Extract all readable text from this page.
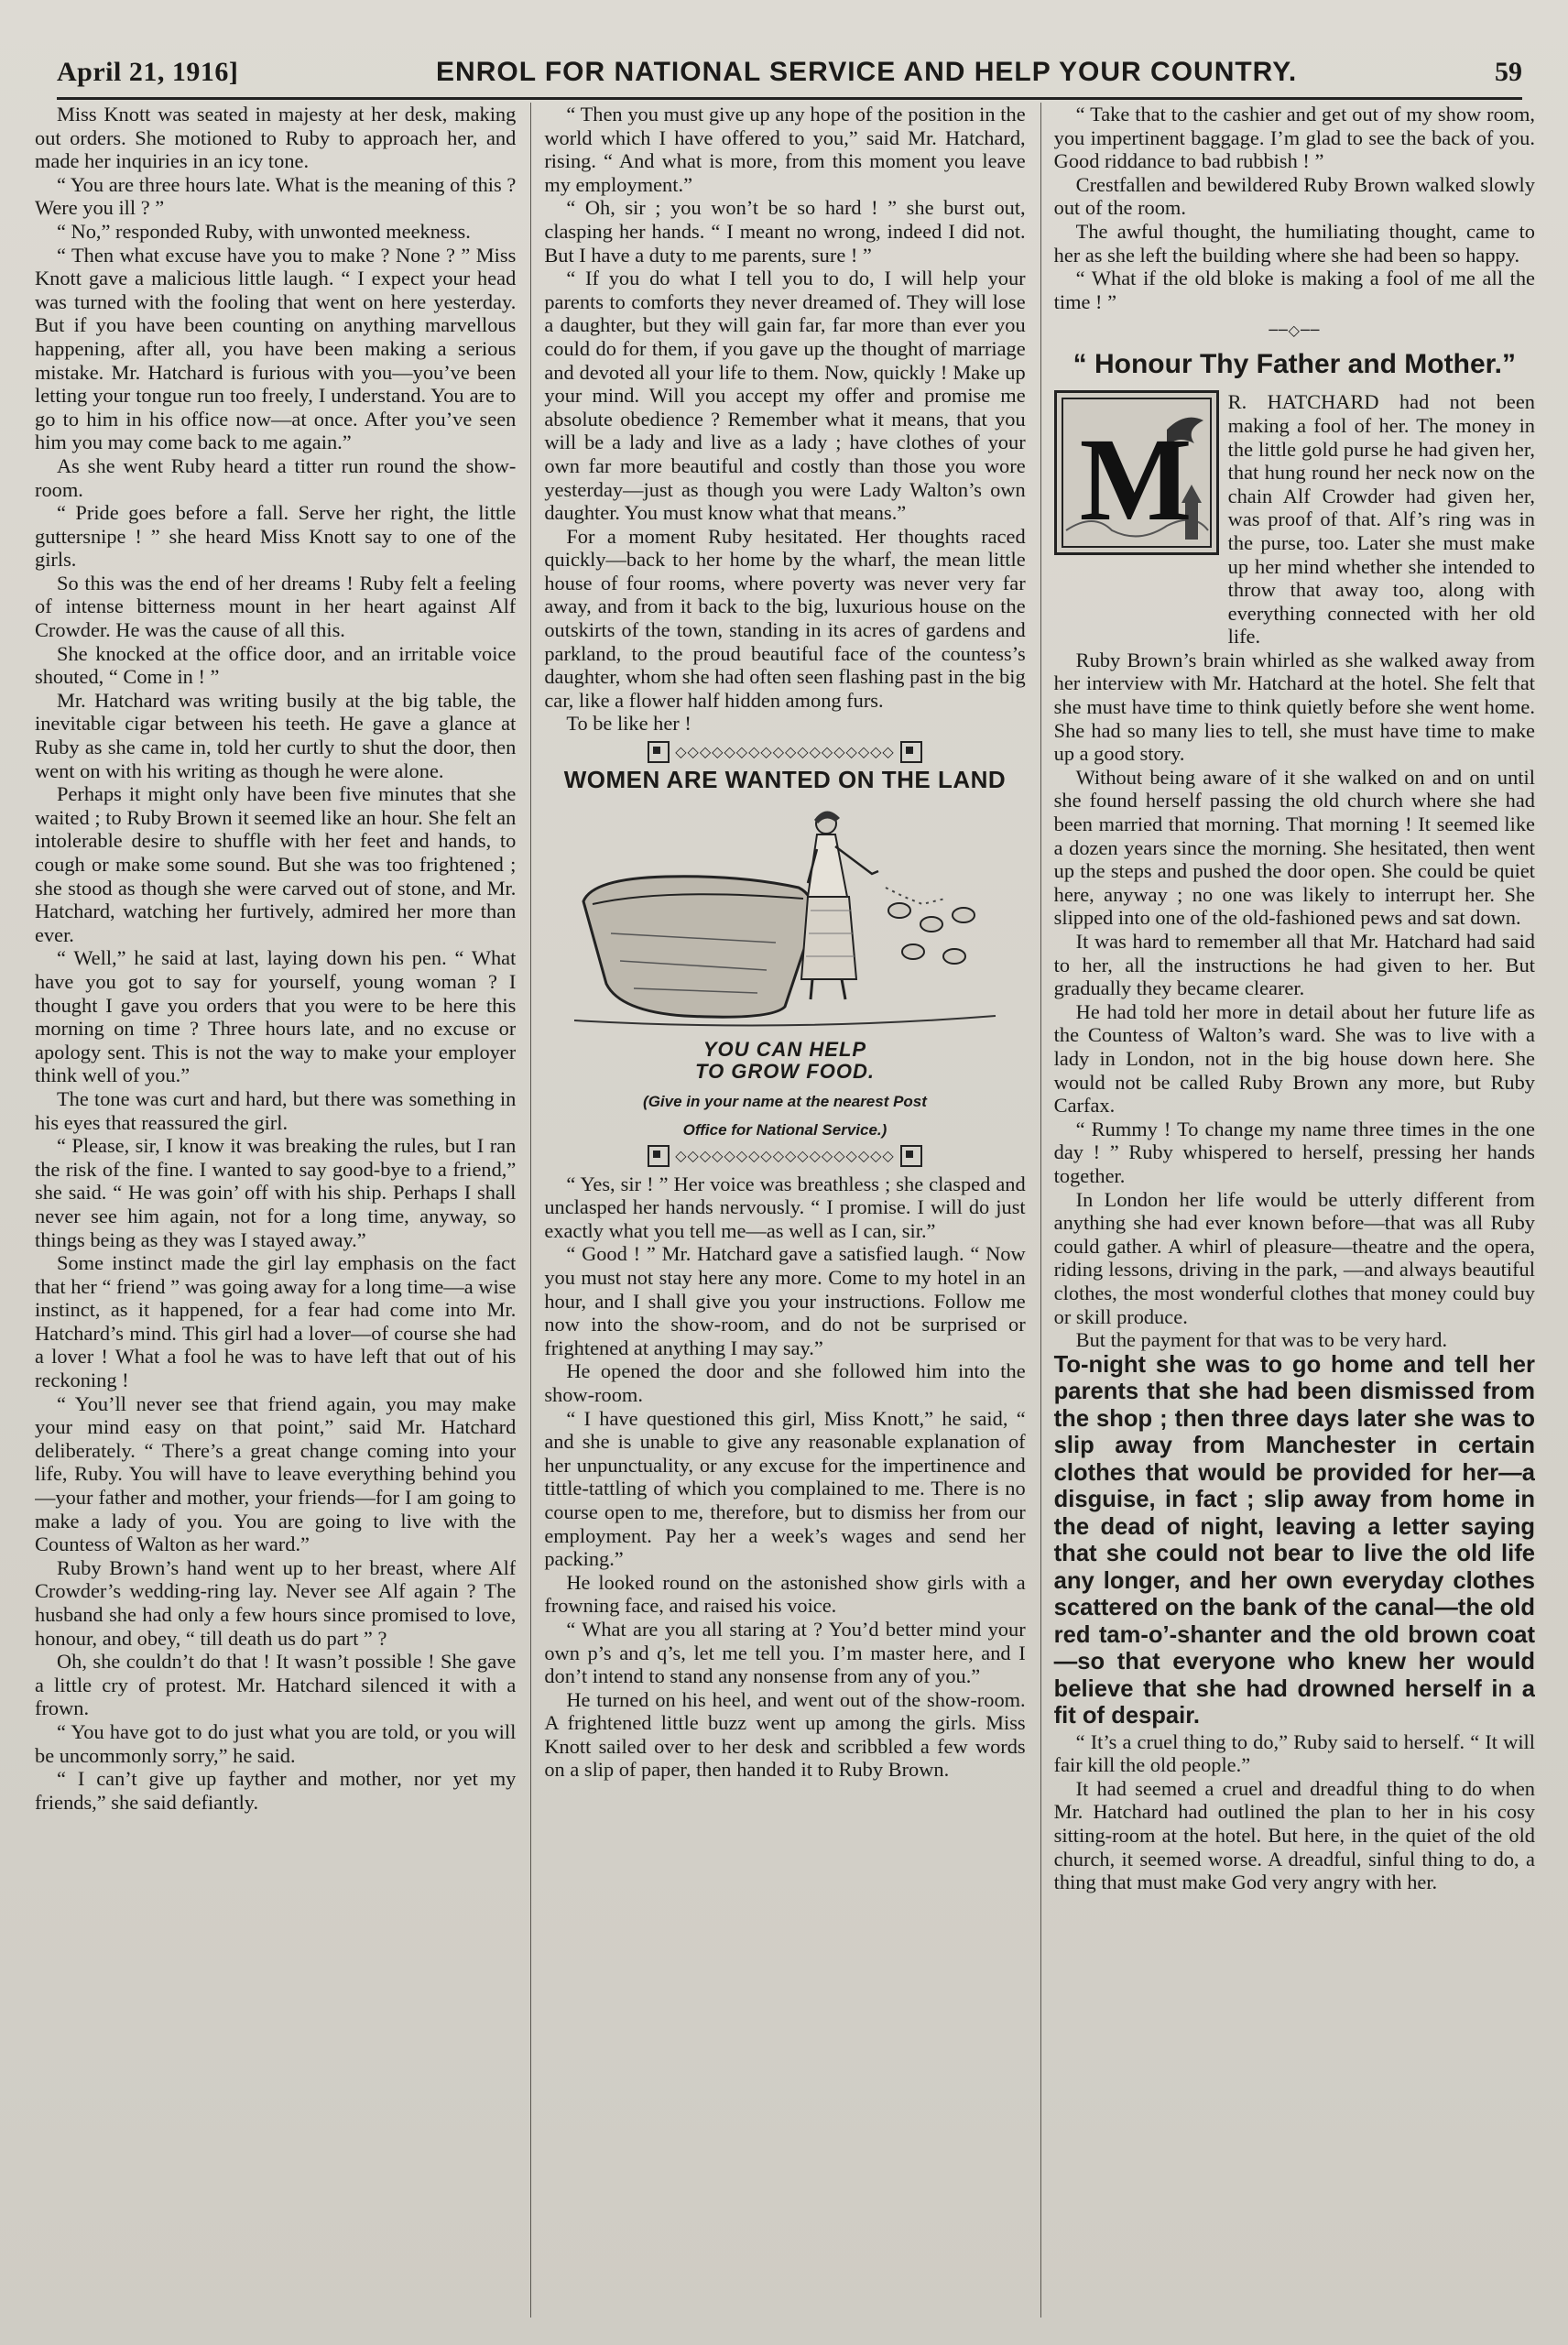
April 21, 1916]	ENROL FOR NATIONAL SERVICE AND HELP YOUR COUNTRY.	59

Miss Knott was seated in majesty at her desk, making out orders. She motioned to Ruby to approach her, and made her inquiries in an icy tone.

“ You are three hours late. What is the meaning of this ? Were you ill ? ”

“ No,” responded Ruby, with unwonted meekness.

“ Then what excuse have you to make ? None ? ” Miss Knott gave a malicious little laugh. “ I expect your head was turned with the fooling that went on here yesterday. But if you have been counting on anything marvellous happening, after all, you have been making a serious mistake. Mr. Hatchard is furious with you—you’ve been letting your tongue run too freely, I understand. You are to go to him in his office now—at once. After you’ve seen him you may come back to me again.”

As she went Ruby heard a titter run round the show-room.

“ Pride goes before a fall. Serve her right, the little guttersnipe ! ” she heard Miss Knott say to one of the girls.

So this was the end of her dreams ! Ruby felt a feeling of intense bitterness mount in her heart against Alf Crowder. He was the cause of all this.

She knocked at the office door, and an irritable voice shouted, “ Come in ! ”

Mr. Hatchard was writing busily at the big table, the inevitable cigar between his teeth. He gave a glance at Ruby as she came in, told her curtly to shut the door, then went on with his writing as though he were alone.

Perhaps it might only have been five minutes that she waited ; to Ruby Brown it seemed like an hour. She felt an intolerable desire to shuffle with her feet and hands, to cough or make some sound. But she was too frightened ; she stood as though she were carved out of stone, and Mr. Hatchard, watching her furtively, admired her more than ever.

“ Well,” he said at last, laying down his pen. “ What have you got to say for yourself, young woman ? I thought I gave you orders that you were to be here this morning on time ? Three hours late, and no excuse or apology sent. This is not the way to make your employer think well of you.”

The tone was curt and hard, but there was something in his eyes that reassured the girl.

“ Please, sir, I know it was breaking the rules, but I ran the risk of the fine. I wanted to say good-bye to a friend,” she said. “ He was goin’ off with his ship. Perhaps I shall never see him again, not for a long time, anyway, so things being as they was I stayed away.”

Some instinct made the girl lay emphasis on the fact that her “ friend ” was going away for a long time—a wise instinct, as it happened, for a fear had come into Mr. Hatchard’s mind. This girl had a lover—of course she had a lover ! What a fool he was to have left that out of his reckoning !

“ You’ll never see that friend again, you may make your mind easy on that point,” said Mr. Hatchard deliberately. “ There’s a great change coming into your life, Ruby. You will have to leave everything behind you—your father and mother, your friends—for I am going to make a lady of you. You are going to live with the Countess of Walton as her ward.”

Ruby Brown’s hand went up to her breast, where Alf Crowder’s wedding-ring lay. Never see Alf again ? The husband she had only a few hours since promised to love, honour, and obey, “ till death us do part ” ?

Oh, she couldn’t do that ! It wasn’t possible ! She gave a little cry of protest. Mr. Hatchard silenced it with a frown.

“ You have got to do just what you are told, or you will be uncommonly sorry,” he said.

“ I can’t give up fayther and mother, nor yet my friends,” she said defiantly.

“ Then you must give up any hope of the position in the world which I have offered to you,” said Mr. Hatchard, rising. “ And what is more, from this moment you leave my employment.”

“ Oh, sir ; you won’t be so hard ! ” she burst out, clasping her hands. “ I meant no wrong, indeed I did not. But I have a duty to me parents, sure ! ”

“ If you do what I tell you to do, I will help your parents to comforts they never dreamed of. They will lose a daughter, but they will gain far, far more than ever you could do for them, if you gave up the thought of marriage and devoted all your life to them. Now, quickly ! Make up your mind. Will you accept my offer and promise me absolute obedience ? Remember what it means, that you will be a lady and live as a lady ; have clothes of your own far more beautiful and costly than those you wore yesterday—just as though you were Lady Walton’s own daughter. You must know what that means.”

For a moment Ruby hesitated. Her thoughts raced quickly—back to her home by the wharf, the mean little house of four rooms, where poverty was never very far away, and from it back to the big, luxurious house on the outskirts of the town, standing in its acres of gardens and parkland, to the proud beautiful face of the countess’s daughter, whom she had often seen flashing past in the big car, like a flower half hidden among furs.

To be like her !

◇◇◇◇◇◇◇◇◇◇◇◇◇◇◇◇◇◇
WOMEN ARE WANTED ON THE LAND
YOU CAN HELP
TO GROW FOOD.
(Give in your name at the nearest Post
Office for National Service.)
◇◇◇◇◇◇◇◇◇◇◇◇◇◇◇◇◇◇

“ Yes, sir ! ” Her voice was breathless ; she clasped and unclasped her hands nervously. “ I promise. I will do just exactly what you tell me—as well as I can, sir.”

“ Good ! ” Mr. Hatchard gave a satisfied laugh. “ Now you must not stay here any more. Come to my hotel in an hour, and I shall give you your instructions. Follow me now into the show-room, and do not be surprised or frightened at anything I may say.”

He opened the door and she followed him into the show-room.

“ I have questioned this girl, Miss Knott,” he said, “ and she is unable to give any reasonable explanation of her unpunctuality, or any excuse for the impertinence and tittle-tattling of which you complained to me. There is no course open to me, therefore, but to dismiss her from our employment. Pay her a week’s wages and send her packing.”

He looked round on the astonished show girls with a frowning face, and raised his voice.

“ What are you all staring at ? You’d better mind your own p’s and q’s, let me tell you. I’m master here, and I don’t intend to stand any nonsense from any of you.”

He turned on his heel, and went out of the show-room. A frightened little buzz went up among the girls. Miss Knott sailed over to her desk and scribbled a few words on a slip of paper, then handed it to Ruby Brown.

“ Take that to the cashier and get out of my show room, you impertinent baggage. I’m glad to see the back of you. Good riddance to bad rubbish ! ”

Crestfallen and bewildered Ruby Brown walked slowly out of the room.

The awful thought, the humiliating thought, came to her as she left the building where she had been so happy.

“ What if the old bloke is making a fool of me all the time ! ”

──◇──
“ Honour Thy Father and Mother.”
M

R. HATCHARD had not been making a fool of her. The money in the little gold purse he had given her, that hung round her neck now on the chain Alf Crowder had given her, was proof of that. Alf’s ring was in the purse, too. Later she must make up her mind whether she intended to throw that away too, along with everything connected with her old life.

Ruby Brown’s brain whirled as she walked away from her interview with Mr. Hatchard at the hotel. She felt that she must have time to think quietly before she went home. She had so many lies to tell, she must have time to make up a good story.

Without being aware of it she walked on and on until she found herself passing the old church where she had been married that morning. That morning ! It seemed like a dozen years since the morning. She hesitated, then went up the steps and pushed the door open. She could be quiet here, anyway ; no one was likely to interrupt her. She slipped into one of the old-fashioned pews and sat down.

It was hard to remember all that Mr. Hatchard had said to her, all the instructions he had given to her. But gradually they became clearer.

He had told her more in detail about her future life as the Countess of Walton’s ward. She was to live with a lady in London, not in the big house down here. She would not be called Ruby Brown any more, but Ruby Carfax.

“ Rummy ! To change my name three times in the one day ! ” Ruby whispered to herself, pressing her hands together.

In London her life would be utterly different from anything she had ever known before—that was all Ruby could gather. A whirl of pleasure—theatre and the opera, riding lessons, driving in the park, —and always beautiful clothes, the most wonderful clothes that money could buy or skill produce.

But the payment for that was to be very hard.

To-night she was to go home and tell her parents that she had been dismissed from the shop ; then three days later she was to slip away from Manchester in certain clothes that would be provided for her—a disguise, in fact ; slip away from home in the dead of night, leaving a letter saying that she could not bear to live the old life any longer, and her own everyday clothes scattered on the bank of the canal—the old red tam-o’-shanter and the old brown coat—so that everyone who knew her would believe that she had drowned herself in a fit of despair.

“ It’s a cruel thing to do,” Ruby said to herself. “ It will fair kill the old people.”

It had seemed a cruel and dreadful thing to do when Mr. Hatchard had outlined the plan to her in his cosy sitting-room at the hotel. But here, in the quiet of the old church, it seemed worse. A dreadful, sinful thing to do, a thing that must make God very angry with her.
